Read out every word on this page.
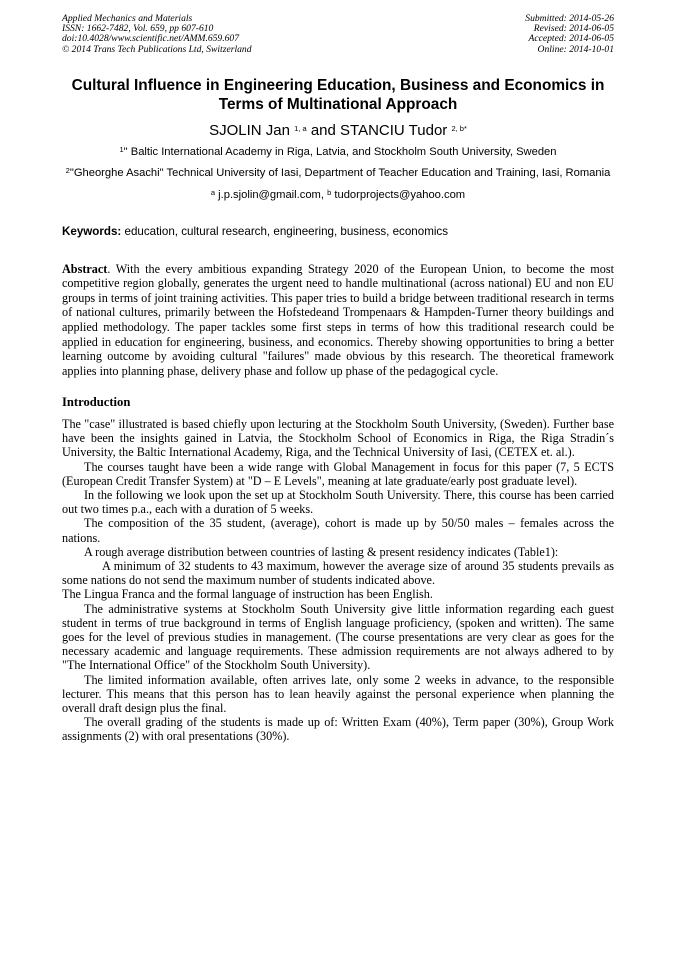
Applied Mechanics and Materials
ISSN: 1662-7482, Vol. 659, pp 607-610
doi:10.4028/www.scientific.net/AMM.659.607
© 2014 Trans Tech Publications Ltd, Switzerland
Submitted: 2014-05-26
Revised: 2014-06-05
Accepted: 2014-06-05
Online: 2014-10-01
Cultural Influence in Engineering Education, Business and Economics in Terms of Multinational Approach
SJOLIN Jan $^{1, a}$ and STANCIU Tudor $^{2, b*}$
$^1$" Baltic International Academy in Riga, Latvia, and Stockholm South University, Sweden
$^2$"Gheorghe Asachi" Technical University of Iasi, Department of Teacher Education and Training, Iasi, Romania
$^a$ j.p.sjolin@gmail.com, $^b$ tudorprojects@yahoo.com
Keywords: education, cultural research, engineering, business, economics
Abstract. With the every ambitious expanding Strategy 2020 of the European Union, to become the most competitive region globally, generates the urgent need to handle multinational (across national) EU and non EU groups in terms of joint training activities. This paper tries to build a bridge between traditional research in terms of national cultures, primarily between the Hofstedeand Trompenaars & Hampden-Turner theory buildings and applied methodology. The paper tackles some first steps in terms of how this traditional research could be applied in education for engineering, business, and economics. Thereby showing opportunities to bring a better learning outcome by avoiding cultural "failures" made obvious by this research. The theoretical framework applies into planning phase, delivery phase and follow up phase of the pedagogical cycle.
Introduction

The "case" illustrated is based chiefly upon lecturing at the Stockholm South University, (Sweden). Further base have been the insights gained in Latvia, the Stockholm School of Economics in Riga, the Riga Stradin´s University, the Baltic International Academy, Riga, and the Technical University of Iasi, (CETEX et. al.).

The courses taught have been a wide range with Global Management in focus for this paper (7, 5 ECTS (European Credit Transfer System) at "D – E Levels", meaning at late graduate/early post graduate level).

In the following we look upon the set up at Stockholm South University. There, this course has been carried out two times p.a., each with a duration of 5 weeks.

The composition of the 35 student, (average), cohort is made up by 50/50 males – females across the nations.

A rough average distribution between countries of lasting & present residency indicates (Table1):

A minimum of 32 students to 43 maximum, however the average size of around 35 students prevails as some nations do not send the maximum number of students indicated above.

The Lingua Franca and the formal language of instruction has been English.

The administrative systems at Stockholm South University give little information regarding each guest student in terms of true background in terms of English language proficiency, (spoken and written). The same goes for the level of previous studies in management. (The course presentations are very clear as goes for the necessary academic and language requirements. These admission requirements are not always adhered to by "The International Office" of the Stockholm South University).

The limited information available, often arrives late, only some 2 weeks in advance, to the responsible lecturer. This means that this person has to lean heavily against the personal experience when planning the overall draft design plus the final.

The overall grading of the students is made up of: Written Exam (40%), Term paper (30%), Group Work assignments (2) with oral presentations (30%).
